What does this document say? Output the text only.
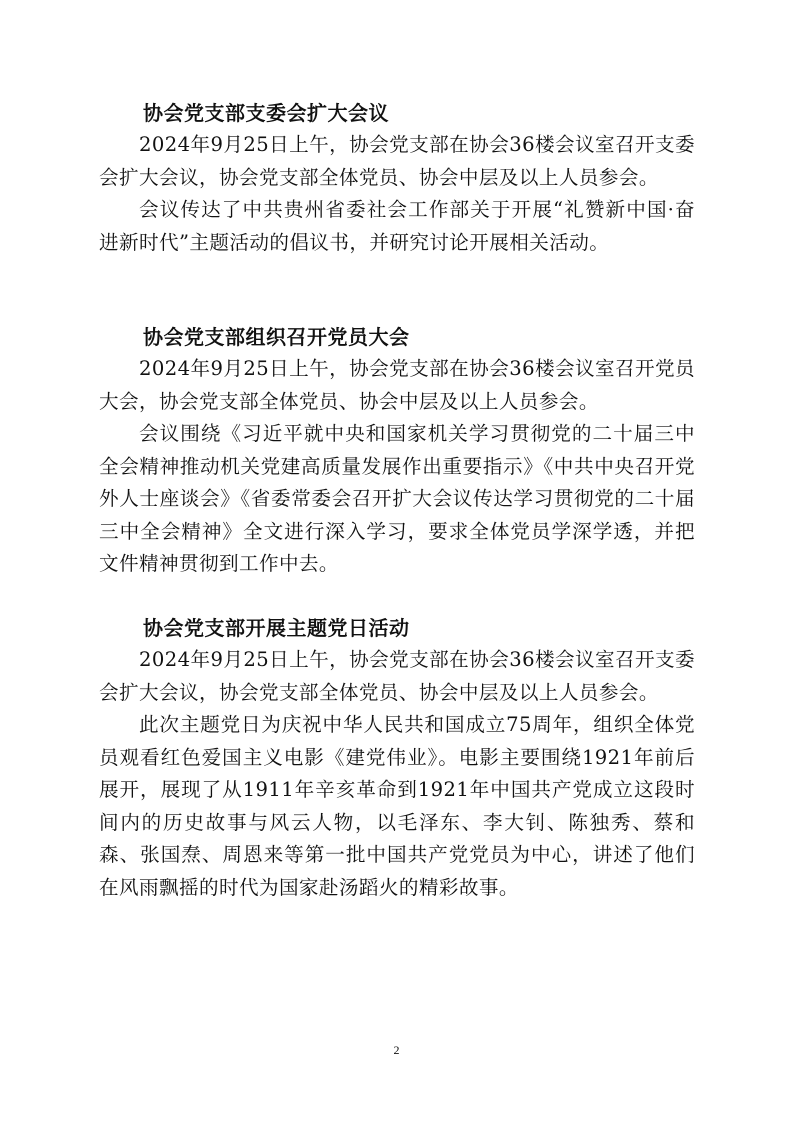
协会党支部支委会扩大会议

2024年9月25日上午，协会党支部在协会36楼会议室召开支委会扩大会议，协会党支部全体党员、协会中层及以上人员参会。

会议传达了中共贵州省委社会工作部关于开展“礼赞新中国·奋进新时代”主题活动的倡议书，并研究讨论开展相关活动。

协会党支部组织召开党员大会

2024年9月25日上午，协会党支部在协会36楼会议室召开党员大会，协会党支部全体党员、协会中层及以上人员参会。

会议围绕《习近平就中央和国家机关学习贯彻党的二十届三中全会精神推动机关党建高质量发展作出重要指示》《中共中央召开党外人士座谈会》《省委常委会召开扩大会议传达学习贯彻党的二十届三中全会精神》全文进行深入学习，要求全体党员学深学透，并把文件精神贯彻到工作中去。

协会党支部开展主题党日活动

2024年9月25日上午，协会党支部在协会36楼会议室召开支委会扩大会议，协会党支部全体党员、协会中层及以上人员参会。

此次主题党日为庆祝中华人民共和国成立75周年，组织全体党员观看红色爱国主义电影《建党伟业》。电影主要围绕1921年前后展开，展现了从1911年辛亥革命到1921年中国共产党成立这段时间内的历史故事与风云人物，以毛泽东、李大钊、陈独秀、蔡和森、张国焘、周恩来等第一批中国共产党党员为中心，讲述了他们在风雨飘摇的时代为国家赴汤蹈火的精彩故事。

2
